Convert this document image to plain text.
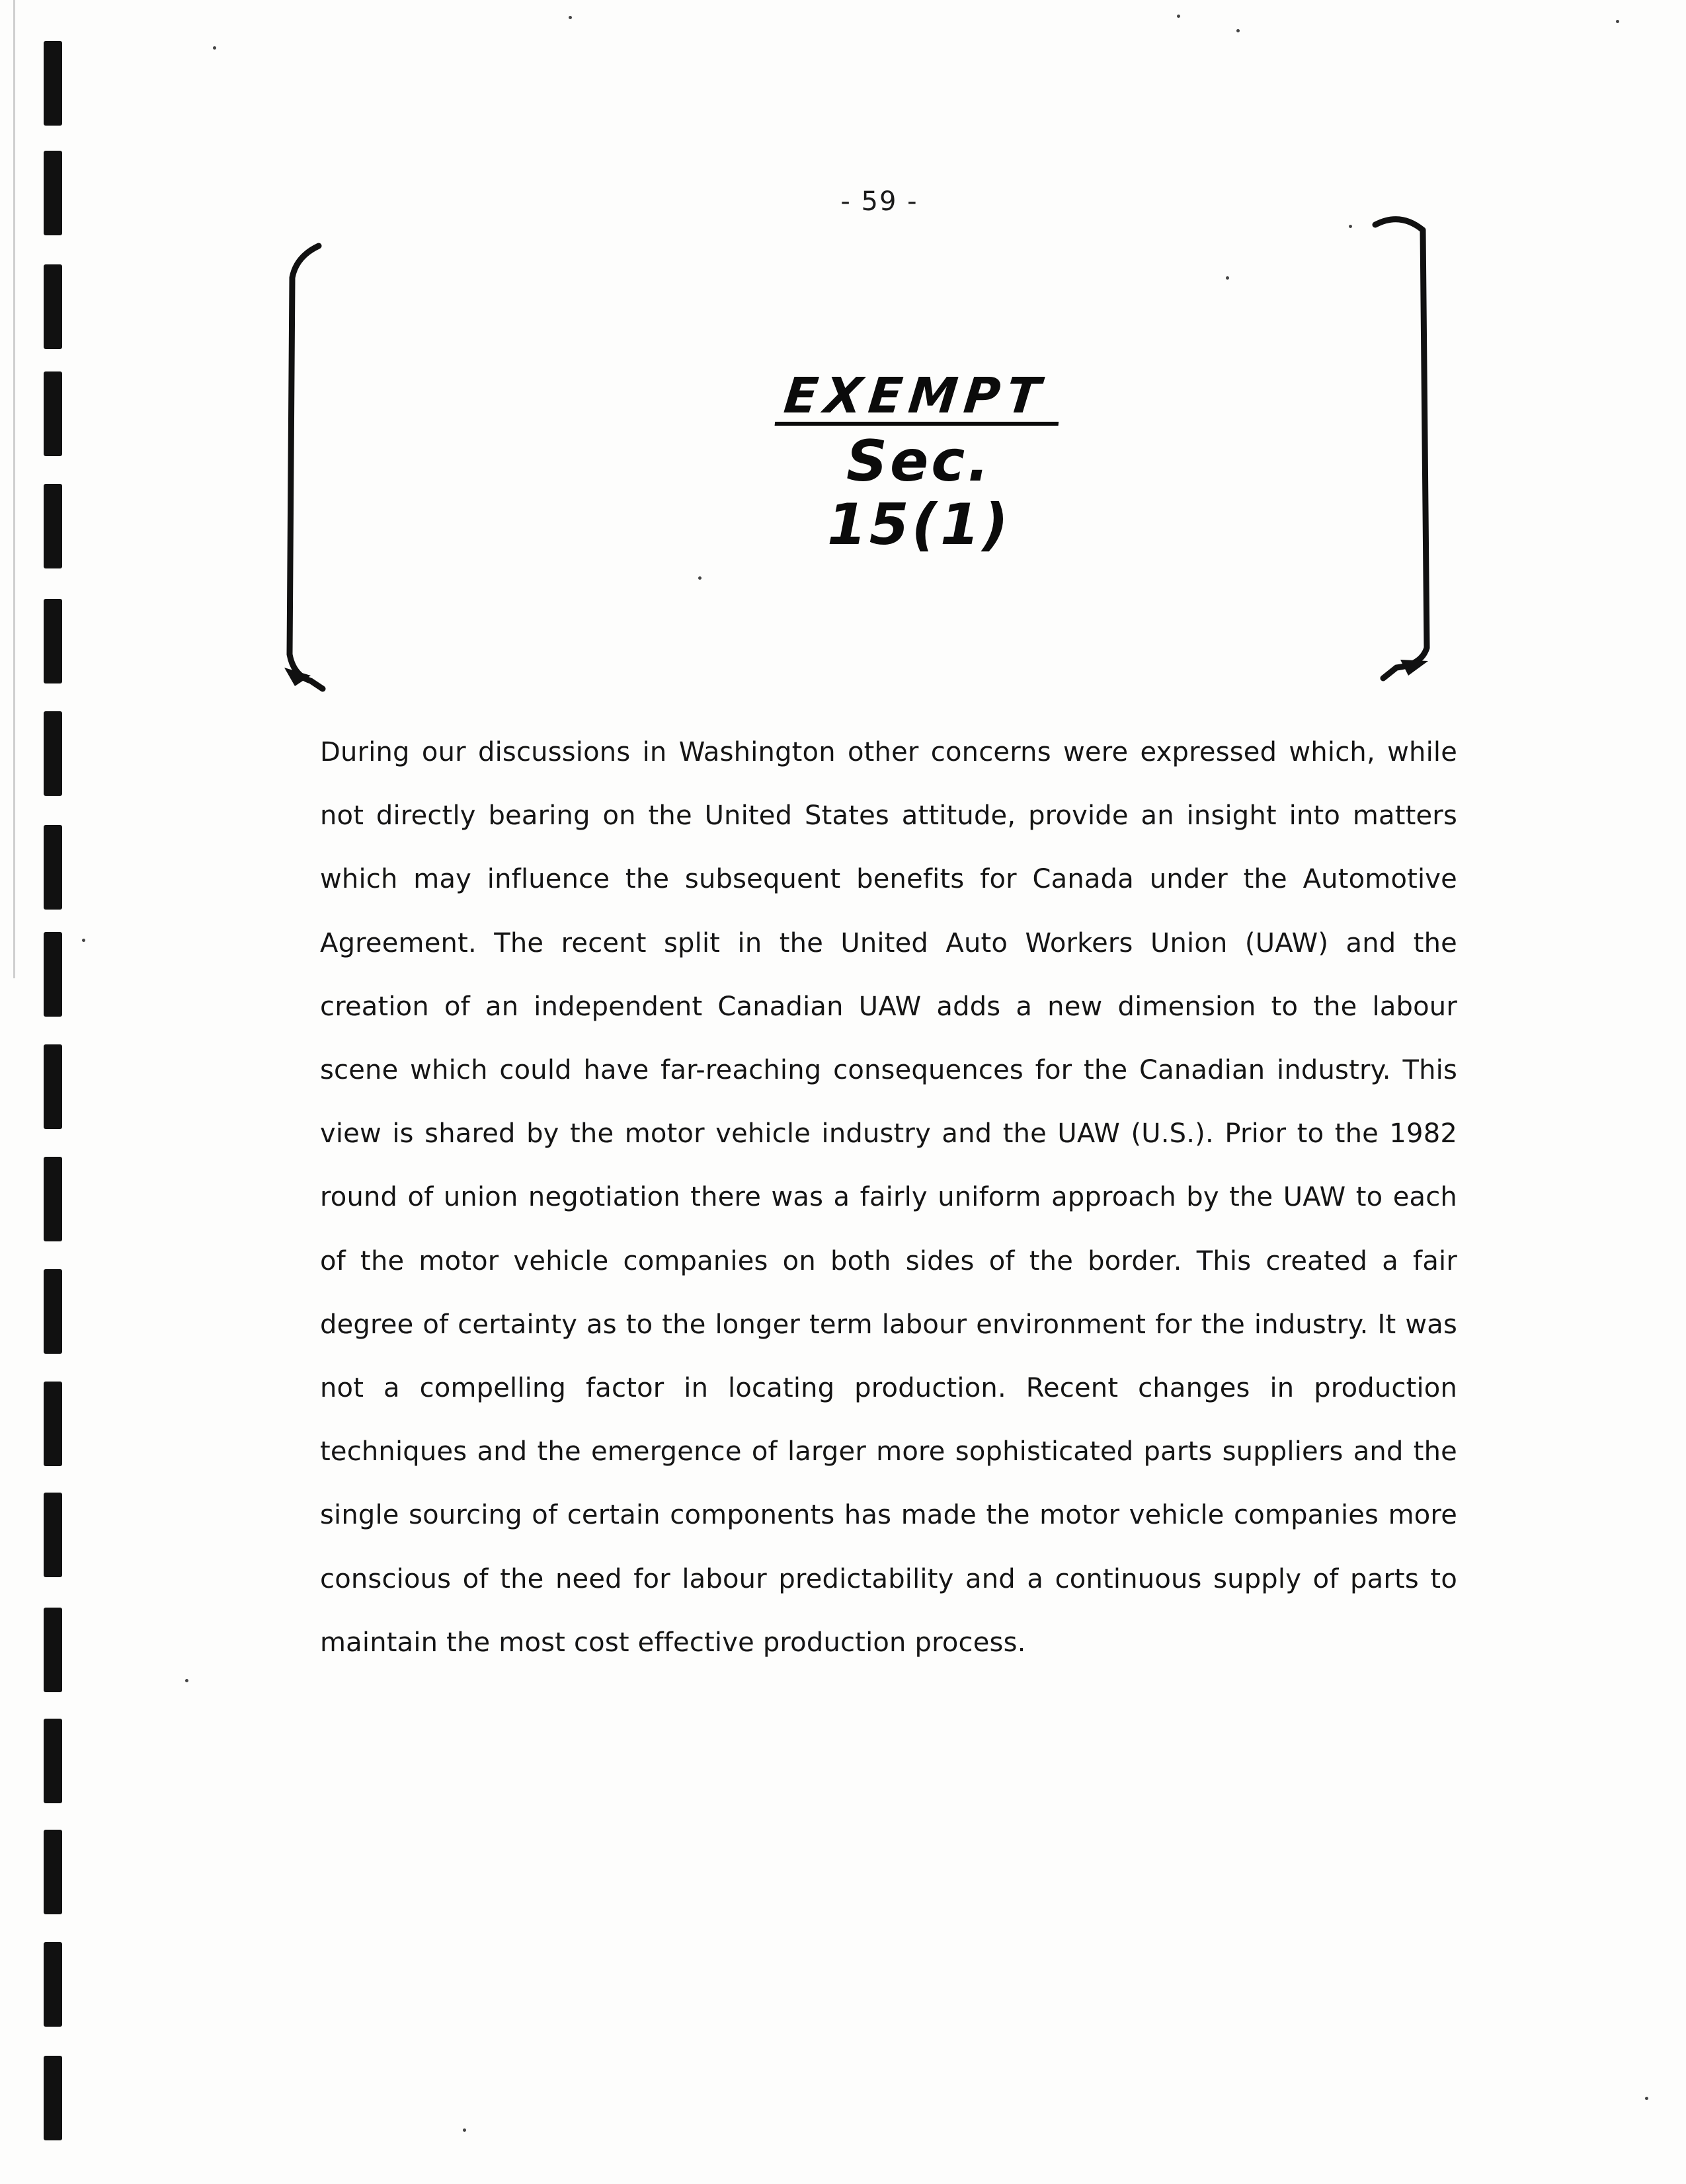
- 59 -
EXEMPT
Sec. 15(1)
During our discussions in Washington other concerns were expressed which, while not directly bearing on the United States attitude, provide an insight into matters which may influence the subsequent benefits for Canada under the Automotive Agreement. The recent split in the United Auto Workers Union (UAW) and the creation of an independent Canadian UAW adds a new dimension to the labour scene which could have far-reaching consequences for the Canadian industry. This view is shared by the motor vehicle industry and the UAW (U.S.). Prior to the 1982 round of union negotiation there was a fairly uniform approach by the UAW to each of the motor vehicle companies on both sides of the border. This created a fair degree of certainty as to the longer term labour environment for the industry. It was not a compelling factor in locating production. Recent changes in production techniques and the emergence of larger more sophisticated parts suppliers and the single sourcing of certain components has made the motor vehicle companies more conscious of the need for labour predictability and a continuous supply of parts to maintain the most cost effective production process.
